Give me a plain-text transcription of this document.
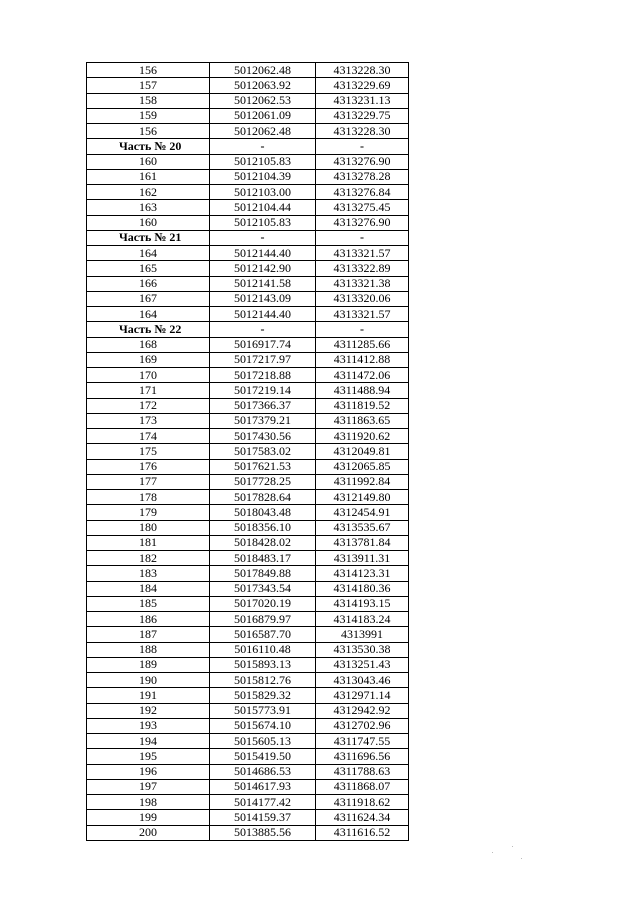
156	5012062.48	4313228.30
157	5012063.92	4313229.69
158	5012062.53	4313231.13
159	5012061.09	4313229.75
156	5012062.48	4313228.30
Часть № 20	-	-
160	5012105.83	4313276.90
161	5012104.39	4313278.28
162	5012103.00	4313276.84
163	5012104.44	4313275.45
160	5012105.83	4313276.90
Часть № 21	-	-
164	5012144.40	4313321.57
165	5012142.90	4313322.89
166	5012141.58	4313321.38
167	5012143.09	4313320.06
164	5012144.40	4313321.57
Часть № 22	-	-
168	5016917.74	4311285.66
169	5017217.97	4311412.88
170	5017218.88	4311472.06
171	5017219.14	4311488.94
172	5017366.37	4311819.52
173	5017379.21	4311863.65
174	5017430.56	4311920.62
175	5017583.02	4312049.81
176	5017621.53	4312065.85
177	5017728.25	4311992.84
178	5017828.64	4312149.80
179	5018043.48	4312454.91
180	5018356.10	4313535.67
181	5018428.02	4313781.84
182	5018483.17	4313911.31
183	5017849.88	4314123.31
184	5017343.54	4314180.36
185	5017020.19	4314193.15
186	5016879.97	4314183.24
187	5016587.70	4313991
188	5016110.48	4313530.38
189	5015893.13	4313251.43
190	5015812.76	4313043.46
191	5015829.32	4312971.14
192	5015773.91	4312942.92
193	5015674.10	4312702.96
194	5015605.13	4311747.55
195	5015419.50	4311696.56
196	5014686.53	4311788.63
197	5014617.93	4311868.07
198	5014177.42	4311918.62
199	5014159.37	4311624.34
200	5013885.56	4311616.52
